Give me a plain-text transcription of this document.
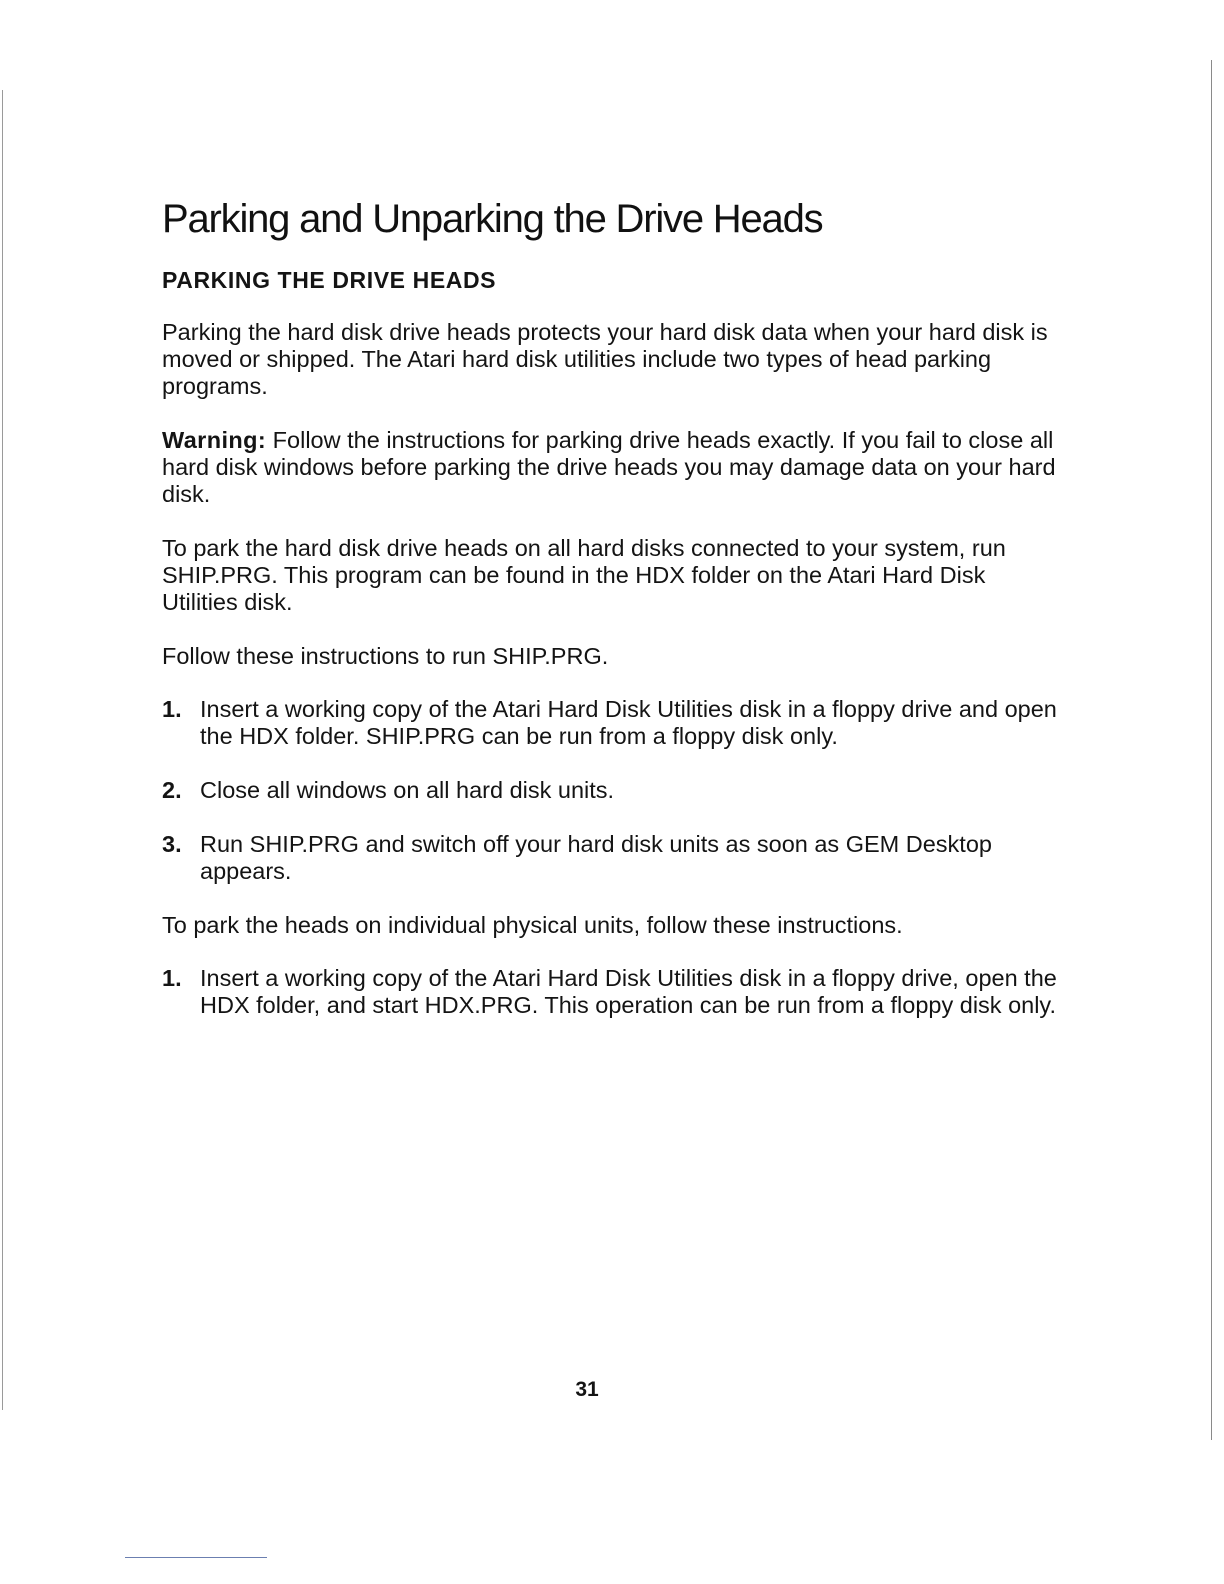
Parking and Unparking the Drive Heads
PARKING THE DRIVE HEADS

Parking the hard disk drive heads protects your hard disk data when your hard disk is moved or shipped. The Atari hard disk utilities include two types of head parking programs.

Warning: Follow the instructions for parking drive heads exactly. If you fail to close all hard disk windows before parking the drive heads you may damage data on your hard disk.

To park the hard disk drive heads on all hard disks connected to your system, run SHIP.PRG. This program can be found in the HDX folder on the Atari Hard Disk Utilities disk.

Follow these instructions to run SHIP.PRG.

1. Insert a working copy of the Atari Hard Disk Utilities disk in a floppy drive and open the HDX folder. SHIP.PRG can be run from a floppy disk only.
2. Close all windows on all hard disk units.
3. Run SHIP.PRG and switch off your hard disk units as soon as GEM Desktop appears.

To park the heads on individual physical units, follow these instructions.

1. Insert a working copy of the Atari Hard Disk Utilities disk in a floppy drive, open the HDX folder, and start HDX.PRG. This operation can be run from a floppy disk only.
31
